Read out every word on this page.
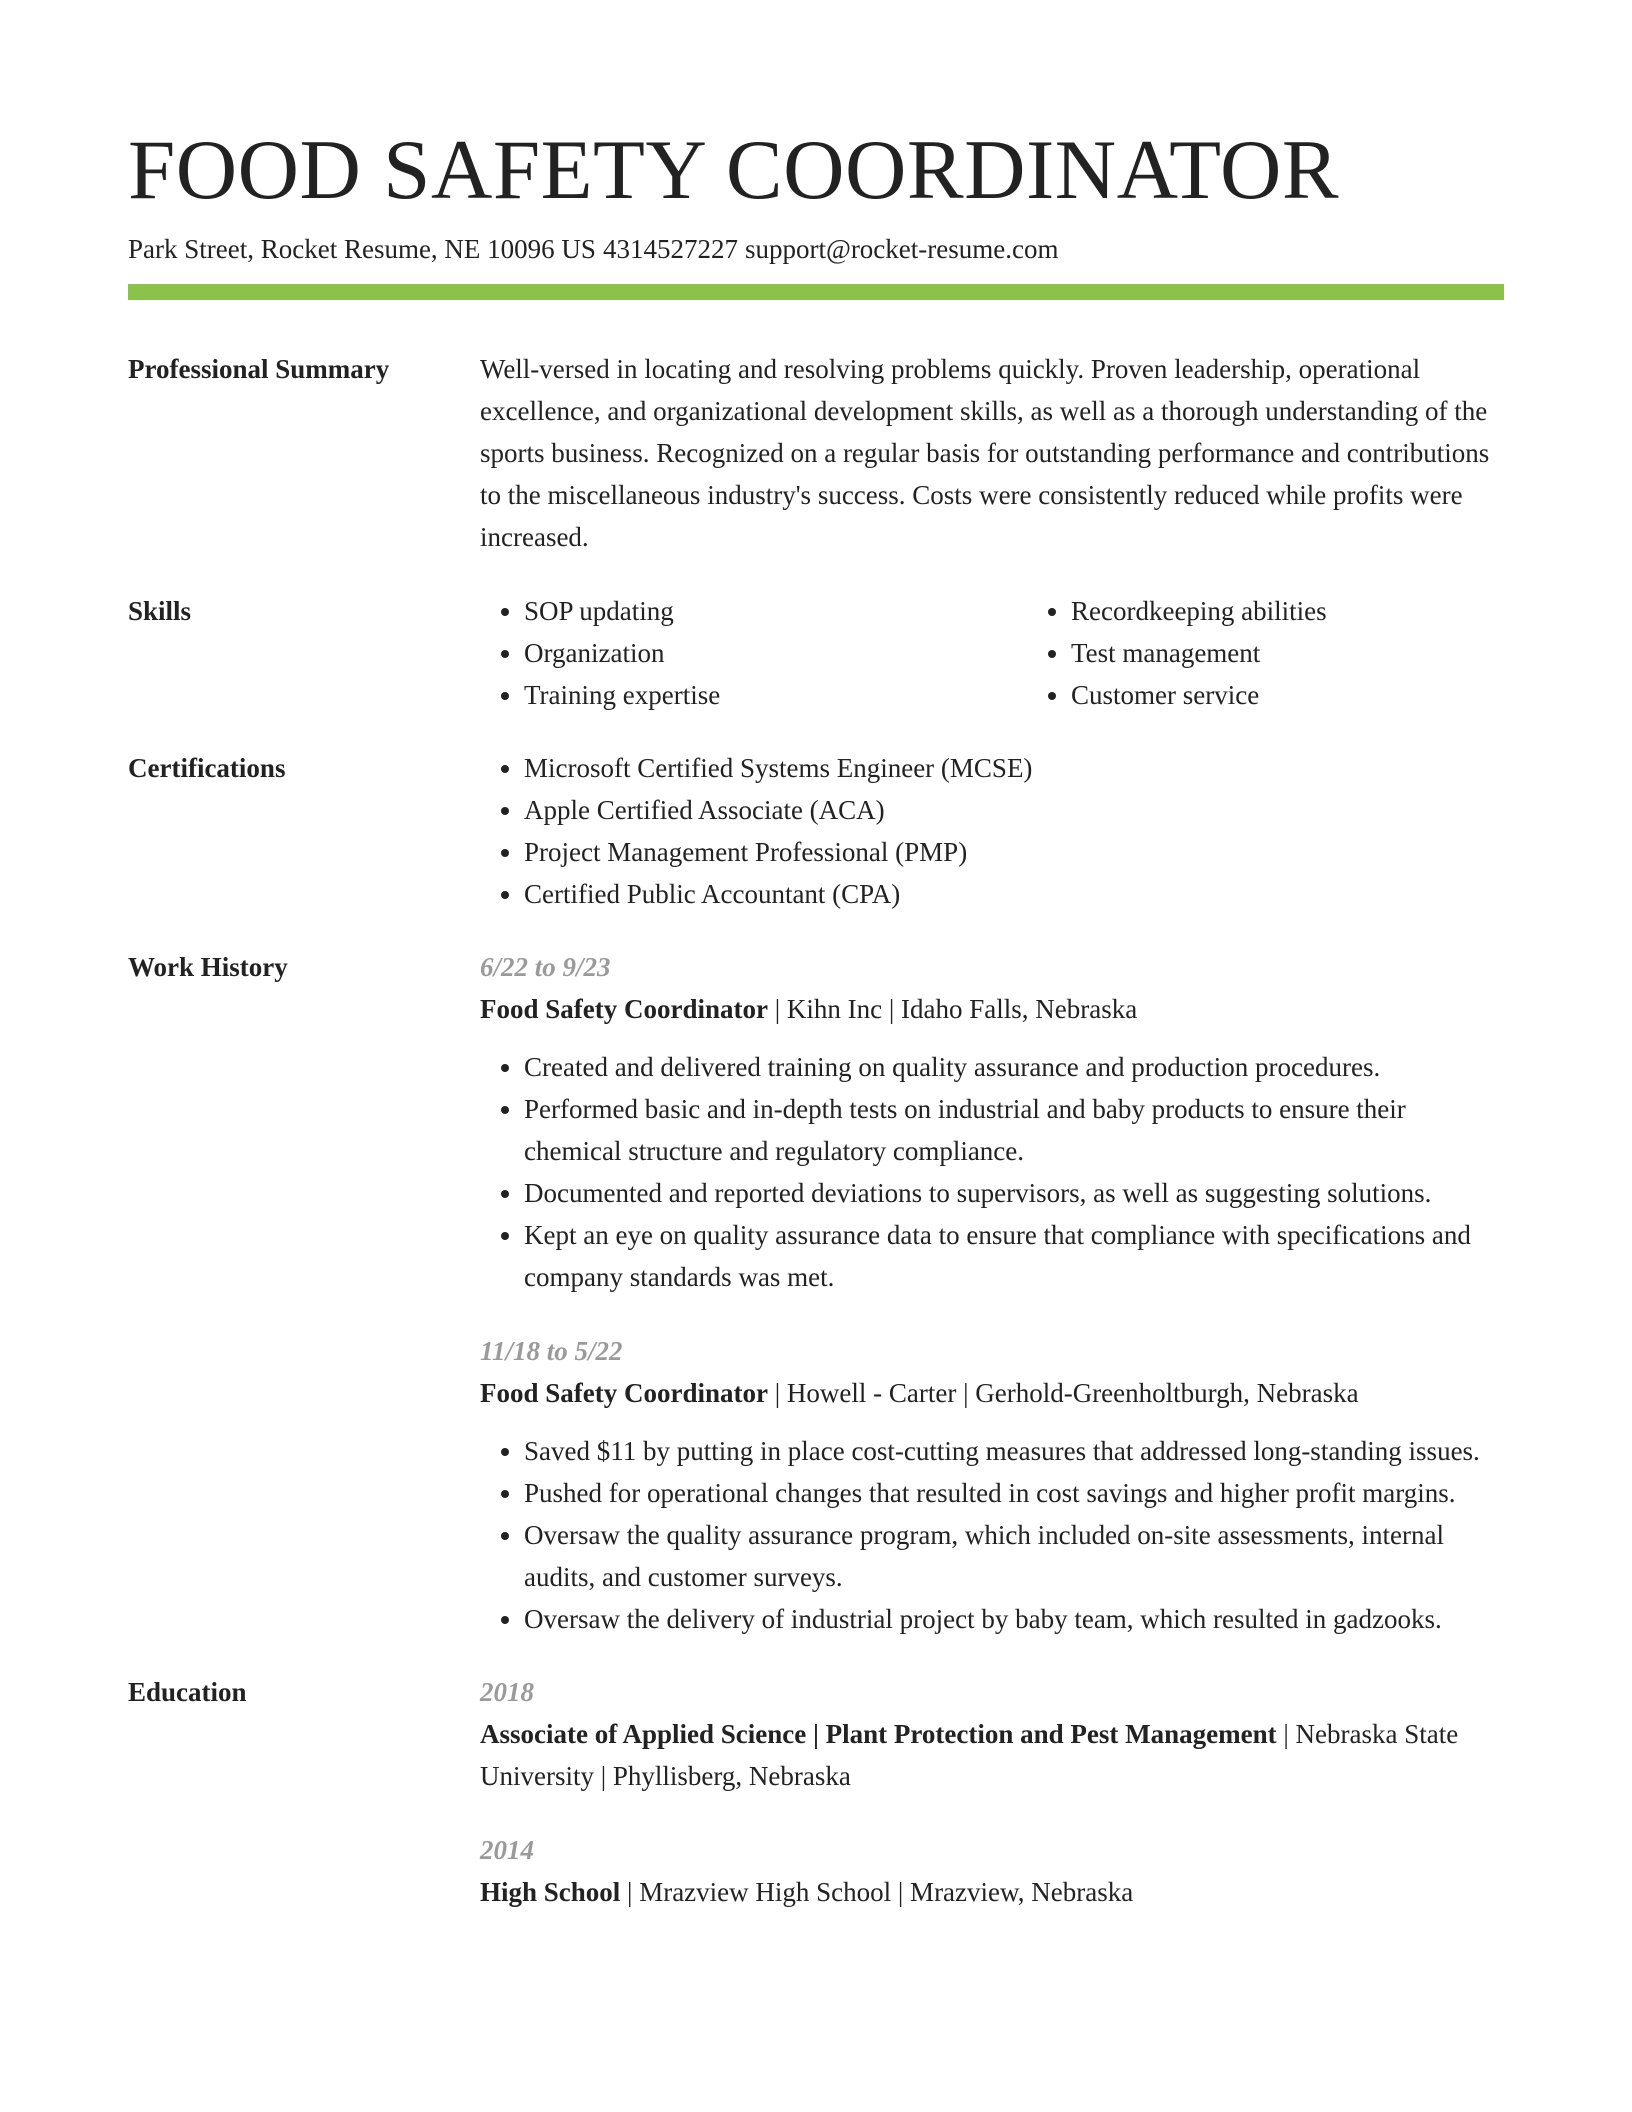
FOOD SAFETY COORDINATOR
Park Street, Rocket Resume, NE 10096 US 4314527227 support@rocket-resume.com
Professional Summary	Well-versed in locating and resolving problems quickly. Proven leadership, operational excellence, and organizational development skills, as well as a thorough understanding of the sports business. Recognized on a regular basis for outstanding performance and contributions to the miscellaneous industry's success. Costs were consistently reduced while profits were increased.

Skills	• SOP updating
• Organization
• Training expertise
• Recordkeeping abilities
• Test management
• Customer service
Certifications	• Microsoft Certified Systems Engineer (MCSE)
• Apple Certified Associate (ACA)
• Project Management Professional (PMP)
• Certified Public Accountant (CPA)
Work History	6/22 to 9/23
Food Safety Coordinator | Kihn Inc | Idaho Falls, Nebraska
• Created and delivered training on quality assurance and production procedures.
• Performed basic and in-depth tests on industrial and baby products to ensure their chemical structure and regulatory compliance.
• Documented and reported deviations to supervisors, as well as suggesting solutions.
• Kept an eye on quality assurance data to ensure that compliance with specifications and company standards was met.
11/18 to 5/22
Food Safety Coordinator | Howell - Carter | Gerhold-Greenholtburgh, Nebraska
• Saved $11 by putting in place cost-cutting measures that addressed long-standing issues.
• Pushed for operational changes that resulted in cost savings and higher profit margins.
• Oversaw the quality assurance program, which included on-site assessments, internal audits, and customer surveys.
• Oversaw the delivery of industrial project by baby team, which resulted in gadzooks.
Education	2018
Associate of Applied Science | Plant Protection and Pest Management | Nebraska State University | Phyllisberg, Nebraska
2014
High School | Mrazview High School | Mrazview, Nebraska
